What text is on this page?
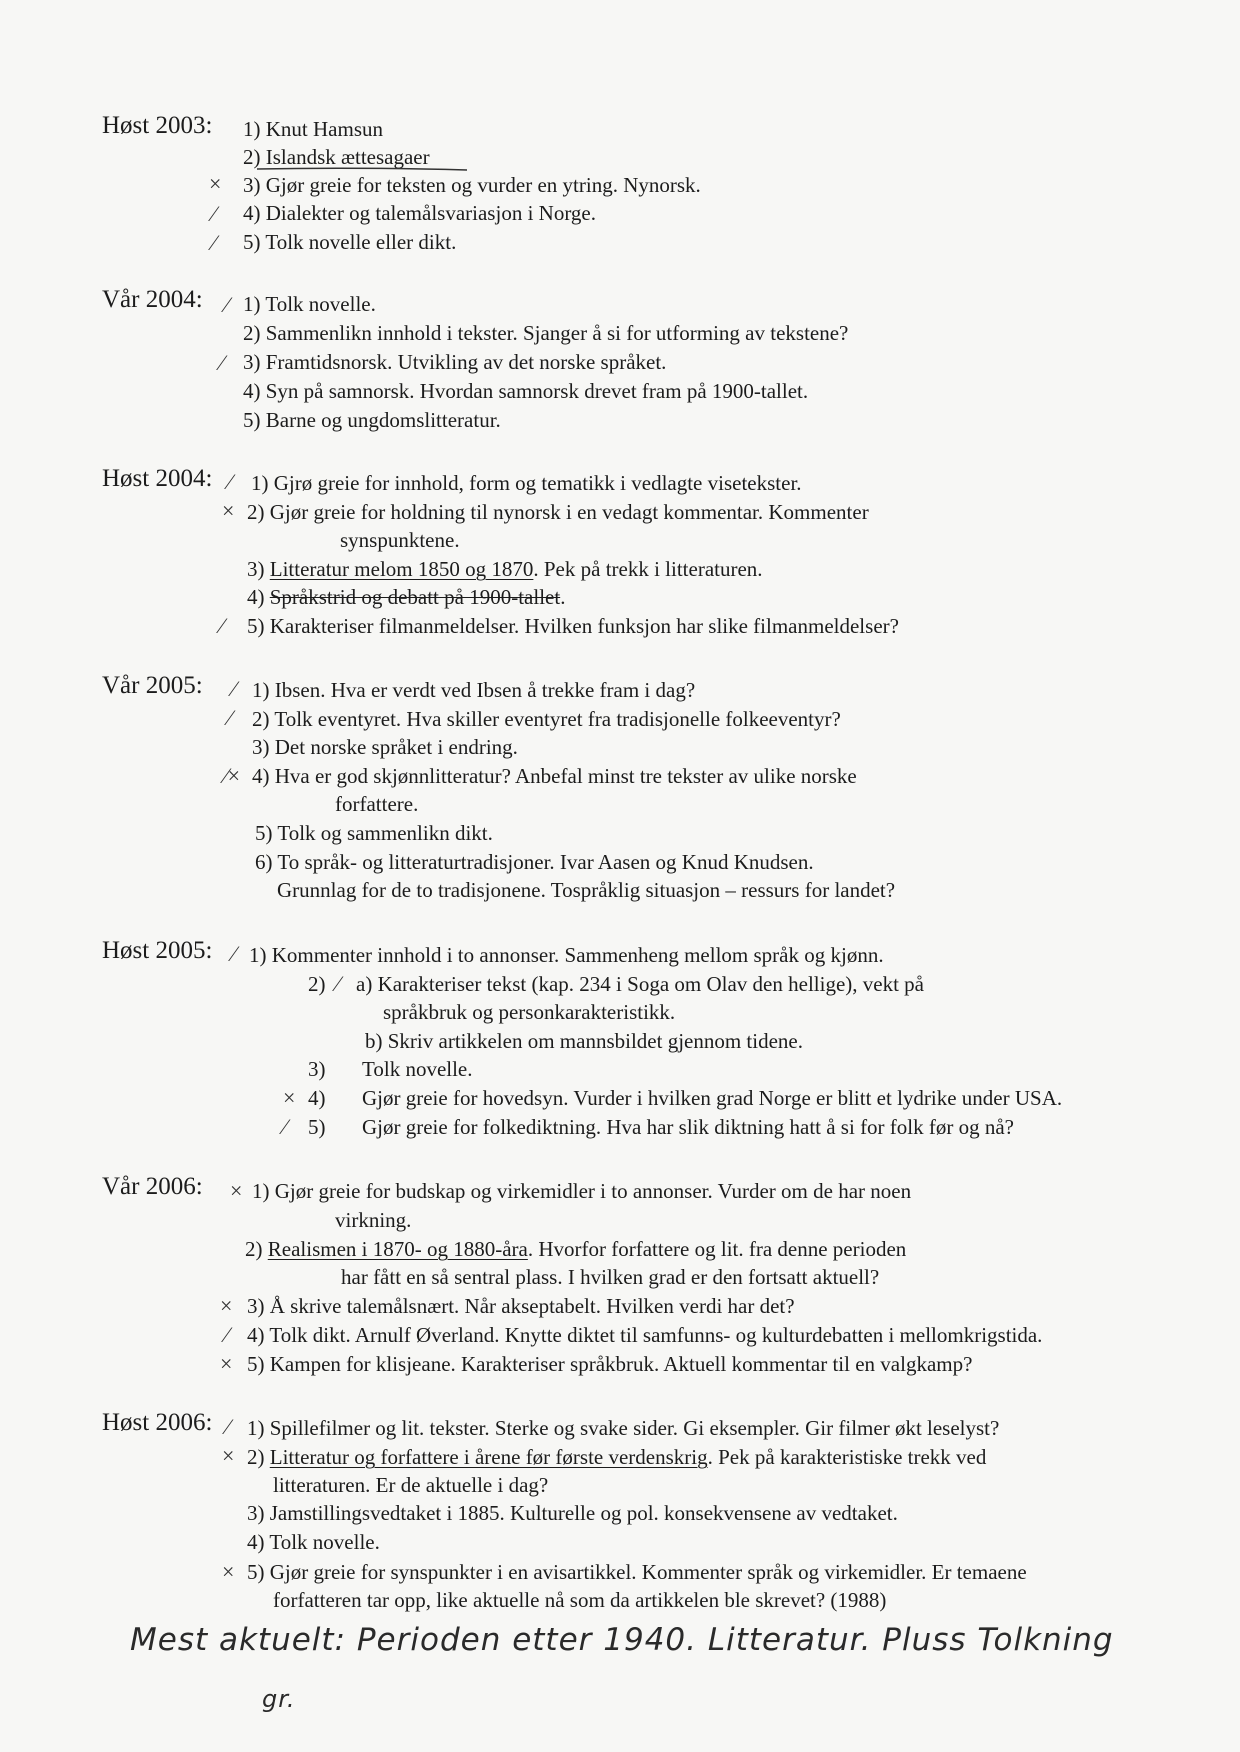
Høst 2003: 1) Knut Hamsun
2) Islandsk ættesagaer
× 3) Gjør greie for teksten og vurder en ytring. Nynorsk.
⁄ 4) Dialekter og talemålsvariasjon i Norge.
⁄ 5) Tolk novelle eller dikt.
Vår 2004: ⁄ 1) Tolk novelle.
2) Sammenlikn innhold i tekster. Sjanger å si for utforming av tekstene?
⁄ 3) Framtidsnorsk. Utvikling av det norske språket.
4) Syn på samnorsk. Hvordan samnorsk drevet fram på 1900-tallet.
5) Barne og ungdomslitteratur.
Høst 2004: ⁄ 1) Gjrø greie for innhold, form og tematikk i vedlagte visetekster.
× 2) Gjør greie for holdning til nynorsk i en vedagt kommentar. Kommenter
synspunktene.
3) Litteratur melom 1850 og 1870. Pek på trekk i litteraturen.
4) Språkstrid og debatt på 1900-tallet.
⁄ 5) Karakteriser filmanmeldelser. Hvilken funksjon har slike filmanmeldelser?
Vår 2005: ⁄ 1) Ibsen. Hva er verdt ved Ibsen å trekke fram i dag?
⁄ 2) Tolk eventyret. Hva skiller eventyret fra tradisjonelle folkeeventyr?
3) Det norske språket i endring.
⁄× 4) Hva er god skjønnlitteratur? Anbefal minst tre tekster av ulike norske
forfattere.
5) Tolk og sammenlikn dikt.
6) To språk- og litteraturtradisjoner. Ivar Aasen og Knud Knudsen.
Grunnlag for de to tradisjonene. Tospråklig situasjon – ressurs for landet?
Høst 2005: ⁄ 1) Kommenter innhold i to annonser. Sammenheng mellom språk og kjønn.
2) ⁄ a) Karakteriser tekst (kap. 234 i Soga om Olav den hellige), vekt på
språkbruk og personkarakteristikk.
b) Skriv artikkelen om mannsbildet gjennom tidene.
3) Tolk novelle.
× 4) Gjør greie for hovedsyn. Vurder i hvilken grad Norge er blitt et lydrike under USA.
⁄ 5) Gjør greie for folkediktning. Hva har slik diktning hatt å si for folk før og nå?
Vår 2006: × 1) Gjør greie for budskap og virkemidler i to annonser. Vurder om de har noen
virkning.
2) Realismen i 1870- og 1880-åra. Hvorfor forfattere og lit. fra denne perioden
har fått en så sentral plass. I hvilken grad er den fortsatt aktuell?
× 3) Å skrive talemålsnært. Når akseptabelt. Hvilken verdi har det?
⁄ 4) Tolk dikt. Arnulf Øverland. Knytte diktet til samfunns- og kulturdebatten i mellomkrigstida.
× 5) Kampen for klisjeane. Karakteriser språkbruk. Aktuell kommentar til en valgkamp?
Høst 2006: ⁄ 1) Spillefilmer og lit. tekster. Sterke og svake sider. Gi eksempler. Gir filmer økt leselyst?
× 2) Litteratur og forfattere i årene før første verdenskrig. Pek på karakteristiske trekk ved
litteraturen. Er de aktuelle i dag?
3) Jamstillingsvedtaket i 1885. Kulturelle og pol. konsekvensene av vedtaket.
4) Tolk novelle.
× 5) Gjør greie for synspunkter i en avisartikkel. Kommenter språk og virkemidler. Er temaene
forfatteren tar opp, like aktuelle nå som da artikkelen ble skrevet? (1988)
Mest aktuelt: Perioden etter 1940. Litteratur. Pluss Tolkning
gr.
